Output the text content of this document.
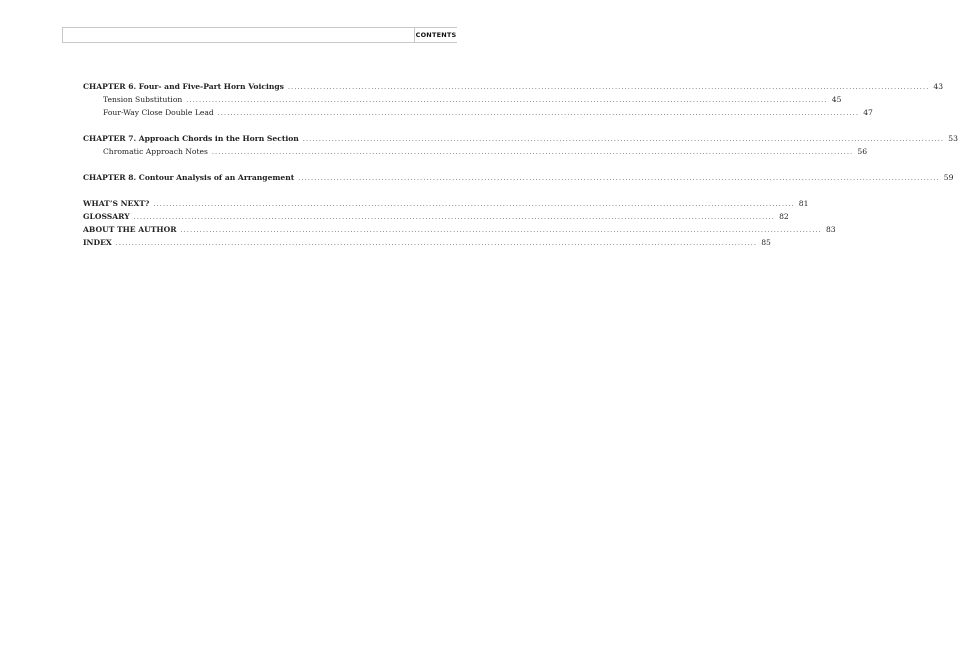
CONTENTS
CHAPTER 6. Four- and Five-Part Horn Voicings ........................................................................................................................................................................................................ 43
Tension Substitution ........................................................................................................................................................................................................ 45
Four-Way Close Double Lead ........................................................................................................................................................................................................ 47
CHAPTER 7. Approach Chords in the Horn Section ........................................................................................................................................................................................................ 53
Chromatic Approach Notes ........................................................................................................................................................................................................ 56
CHAPTER 8. Contour Analysis of an Arrangement ........................................................................................................................................................................................................ 59
WHAT’S NEXT? ........................................................................................................................................................................................................ 81
GLOSSARY ........................................................................................................................................................................................................ 82
ABOUT THE AUTHOR ........................................................................................................................................................................................................ 83
INDEX ........................................................................................................................................................................................................ 85
